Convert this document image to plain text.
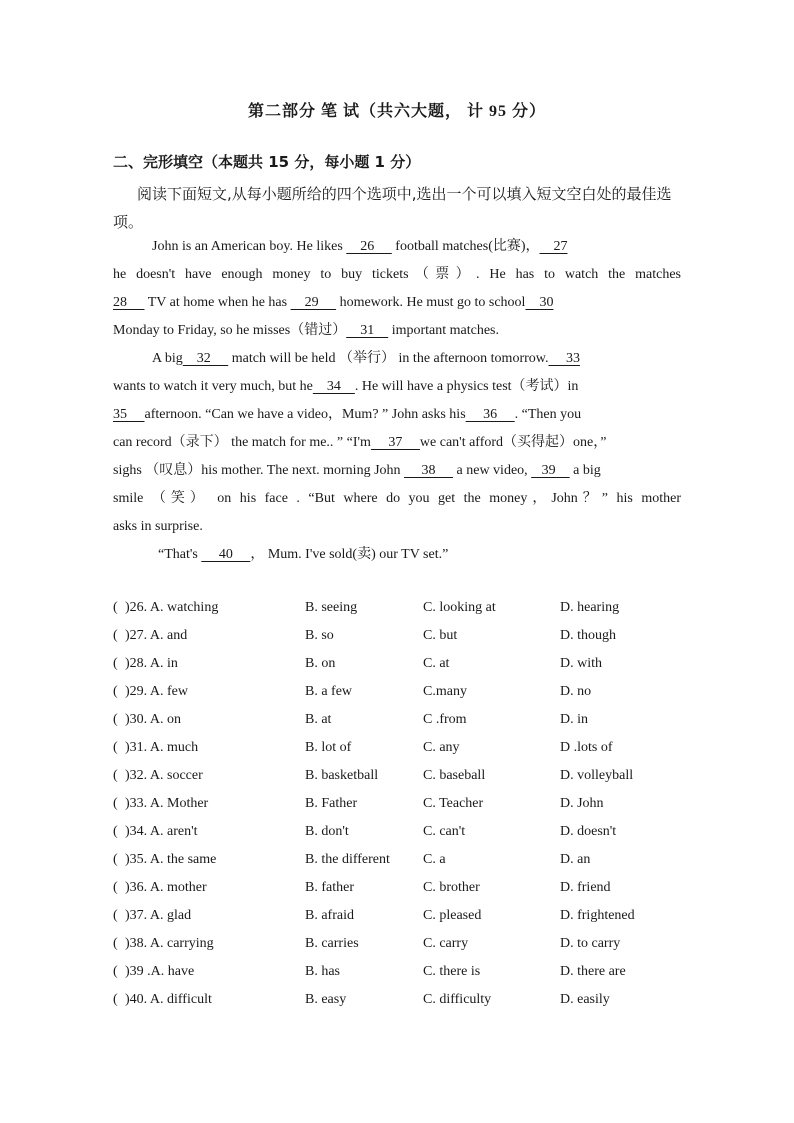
第二部分 笔 试（共六大题， 计 95 分）
二、完形填空（本题共 15 分，每小题 1 分）
阅读下面短文,从每小题所给的四个选项中,选出一个可以填入短文空白处的最佳选项。
John is an American boy. He likes     26      football matches(比赛)，    27
he doesn't have enough money to buy tickets（票）. He has to watch the matches
28      TV at home when he has     29      homework. He must go to school    30
Monday to Friday, so he misses（错过）    31     important matches.
A big    32      match will be held （举行） in the afternoon tomorrow.     33
wants to watch it very much, but he    34    . He will have a physics test（考试）in
35     afternoon. “Can we have a video，Mum? ” John asks his     36     . “Then you
can record（录下） the match for me.. ” “I'm     37     we can't afford（买得起）one，”
sighs （叹息）his mother. The next. morning John      38      a new video,    39     a big
smile （笑） on his face . “But where do you get the money，John？” his mother
asks in surprise.
“That's      40     ， Mum. I've sold(卖) our TV set.”
( )26. A. watching	B. seeing	C. looking at	D. hearing
( )27. A. and	B. so	C. but	D. though
( )28. A. in	B. on	C. at	D. with
( )29. A. few	B. a few	C.many	D. no
( )30. A. on	B. at	C .from	D. in
( )31. A. much	B. lot of	C. any	D .lots of
( )32. A. soccer	B. basketball	C. baseball	D. volleyball
( )33. A. Mother	B. Father	C. Teacher	D. John
( )34. A. aren't	B. don't	C. can't	D. doesn't
( )35. A. the same	B. the different C. a	D. an
( )36. A. mother	B. father	C. brother	D. friend
( )37. A. glad	B. afraid	C. pleased	D. frightened
( )38. A. carrying	B. carries	C. carry	D. to carry
( )39 .A. have	B. has	C. there is	D. there are
( )40. A. difficult	B. easy	C. difficulty	D. easily
